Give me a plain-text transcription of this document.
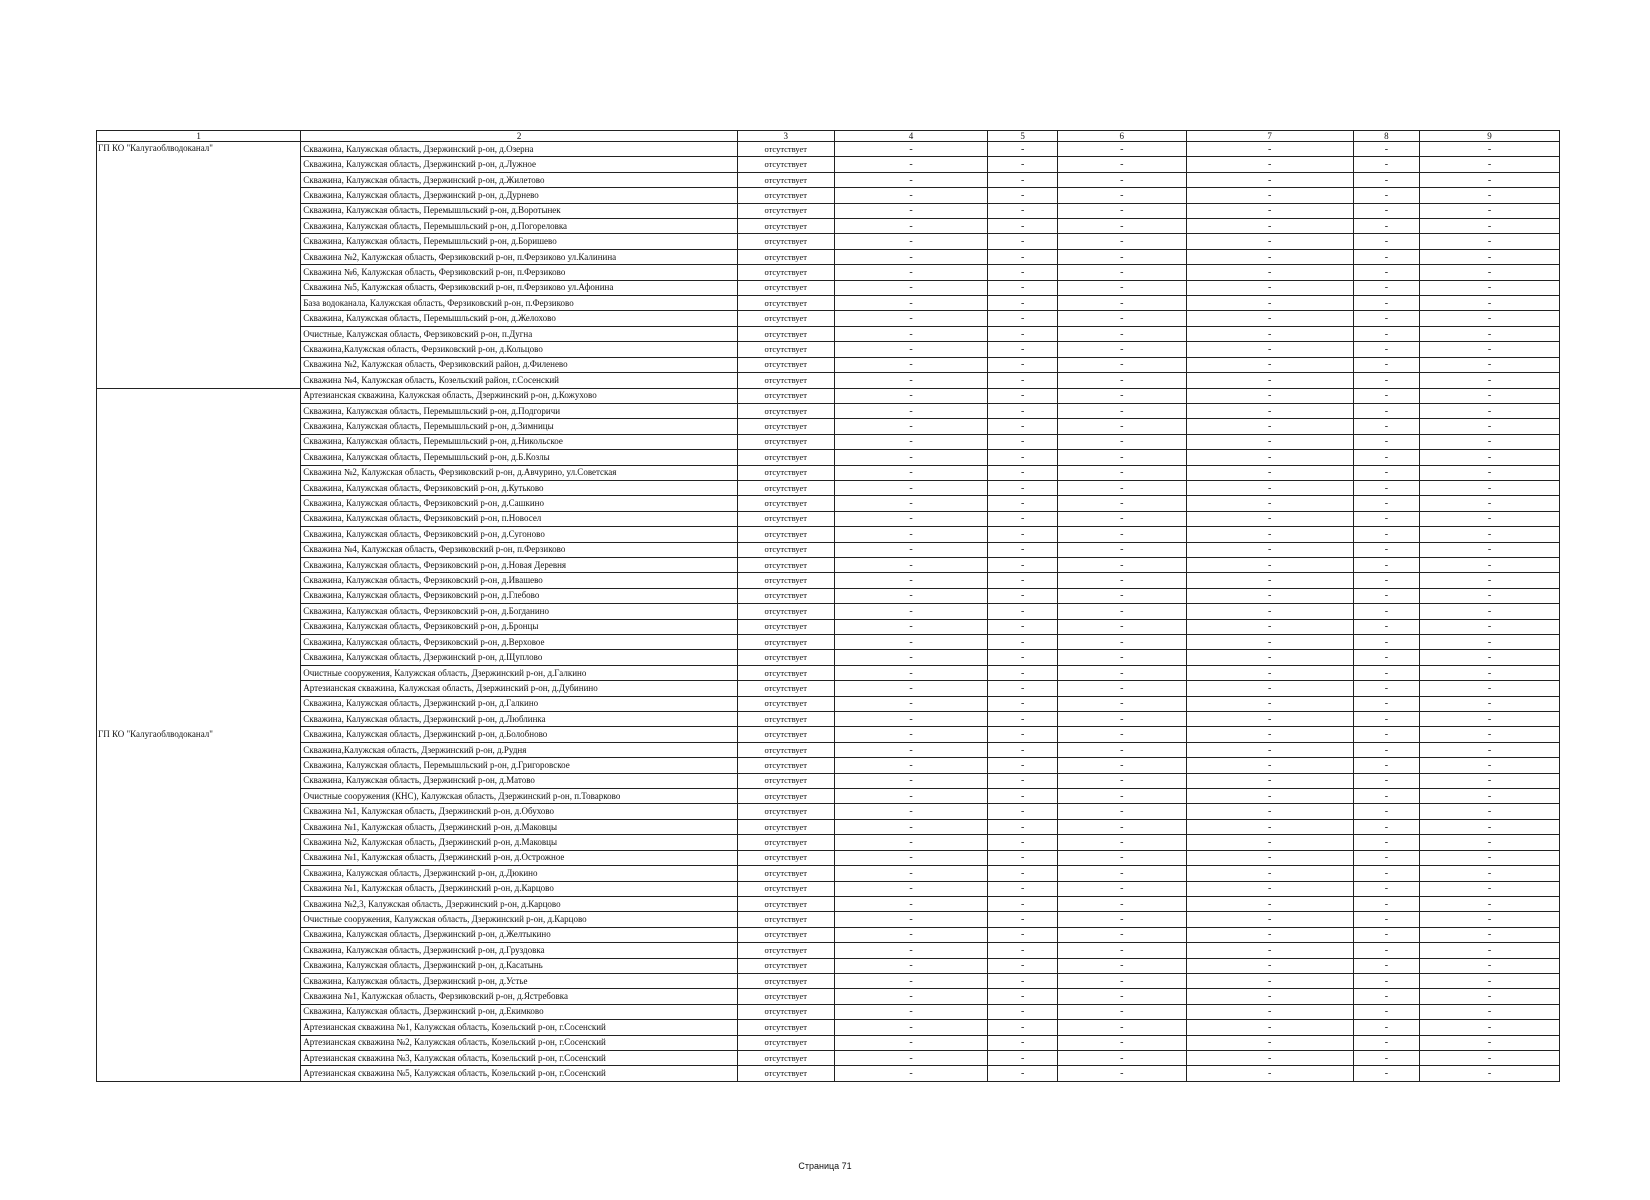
1	2	3	4	5	6	7	8	9
ГП КО "Калугаоблводоканал"	Скважина, Калужская область, Дзержинский р-он, д.Озерна	отсутствует	-	-	-	-	-	-
	Скважина, Калужская область, Дзержинский р-он, д.Лужное	отсутствует	-	-	-	-	-	-
	Скважина, Калужская область, Дзержинский р-он, д.Жилетово	отсутствует	-	-	-	-	-	-
	Скважина, Калужская область, Дзержинский р-он, д.Дурнево	отсутствует	-	-	-	-	-	-
	Скважина, Калужская область, Перемышльский р-он, д.Воротынек	отсутствует	-	-	-	-	-	-
	Скважина, Калужская область, Перемышльский р-он, д.Погореловка	отсутствует	-	-	-	-	-	-
	Скважина, Калужская область, Перемышльский р-он, д.Боришево	отсутствует	-	-	-	-	-	-
	Скважина №2, Калужская область, Ферзиковский р-он, п.Ферзиково ул.Калинина	отсутствует	-	-	-	-	-	-
	Скважина №6, Калужская область, Ферзиковский р-он, п.Ферзиково	отсутствует	-	-	-	-	-	-
	Скважина №5, Калужская область, Ферзиковский р-он, п.Ферзиково ул.Афонина	отсутствует	-	-	-	-	-	-
	База водоканала, Калужская область, Ферзиковский р-он, п.Ферзиково	отсутствует	-	-	-	-	-	-
	Скважина, Калужская область, Перемышльский р-он, д.Желохово	отсутствует	-	-	-	-	-	-
	Очистные, Калужская область, Ферзиковский р-он, п.Дугна	отсутствует	-	-	-	-	-	-
	Скважина,Калужская область, Ферзиковский р-он, д.Кольцово	отсутствует	-	-	-	-	-	-
	Скважина №2, Калужская область, Ферзиковский район, д.Филенево	отсутствует	-	-	-	-	-	-
	Скважина №4, Калужская область, Козельский район, г.Сосенский	отсутствует	-	-	-	-	-	-
ГП КО "Калугаоблводоканал"	Артезианская скважина, Калужская область, Дзержинский р-он, д.Кожухово	отсутствует	-	-	-	-	-	-
	Скважина, Калужская область, Перемышльский р-он, д.Подгоричи	отсутствует	-	-	-	-	-	-
	Скважина, Калужская область, Перемышльский р-он, д.Зимницы	отсутствует	-	-	-	-	-	-
	Скважина, Калужская область, Перемышльский р-он, д.Никольское	отсутствует	-	-	-	-	-	-
	Скважина, Калужская область, Перемышльский р-он, д.Б.Козлы	отсутствует	-	-	-	-	-	-
	Скважина №2, Калужская область, Ферзиковский р-он, д.Авчурино, ул.Советская	отсутствует	-	-	-	-	-	-
	Скважина, Калужская область, Ферзиковский р-он, д.Кутьково	отсутствует	-	-	-	-	-	-
	Скважина, Калужская область, Ферзиковский р-он, д.Сашкино	отсутствует	-	-	-	-	-	-
	Скважина, Калужская область, Ферзиковский р-он, п.Новосел	отсутствует	-	-	-	-	-	-
	Скважина, Калужская область, Ферзиковский р-он, д.Сугоново	отсутствует	-	-	-	-	-	-
	Скважина №4, Калужская область, Ферзиковский р-он, п.Ферзиково	отсутствует	-	-	-	-	-	-
	Скважина, Калужская область, Ферзиковский р-он, д.Новая Деревня	отсутствует	-	-	-	-	-	-
	Скважина, Калужская область, Ферзиковский р-он, д.Ивашево	отсутствует	-	-	-	-	-	-
	Скважина, Калужская область, Ферзиковский р-он, д.Глебово	отсутствует	-	-	-	-	-	-
	Скважина, Калужская область, Ферзиковский р-он, д.Богданино	отсутствует	-	-	-	-	-	-
	Скважина, Калужская область, Ферзиковский р-он, д.Бронцы	отсутствует	-	-	-	-	-	-
	Скважина, Калужская область, Ферзиковский р-он, д.Верховое	отсутствует	-	-	-	-	-	-
	Скважина, Калужская область, Дзержинский р-он, д.Щуплово	отсутствует	-	-	-	-	-	-
	Очистные сооружения, Калужская область, Дзержинский р-он, д.Галкино	отсутствует	-	-	-	-	-	-
	Артезианская скважина, Калужская область, Дзержинский р-он, д.Дубинино	отсутствует	-	-	-	-	-	-
	Скважина, Калужская область, Дзержинский р-он, д.Галкино	отсутствует	-	-	-	-	-	-
	Скважина, Калужская область, Дзержинский р-он, д.Люблинка	отсутствует	-	-	-	-	-	-
	Скважина, Калужская область, Дзержинский р-он, д.Болобново	отсутствует	-	-	-	-	-	-
	Скважина,Калужская область, Дзержинский р-он, д.Рудня	отсутствует	-	-	-	-	-	-
	Скважина, Калужская область, Перемышльский р-он, д.Григоровское	отсутствует	-	-	-	-	-	-
	Скважина, Калужская область, Дзержинский р-он, д.Матово	отсутствует	-	-	-	-	-	-
	Очистные сооружения (КНС), Калужская область, Дзержинский р-он, п.Товарково	отсутствует	-	-	-	-	-	-
	Скважина №1, Калужская область, Дзержинский р-он, д.Обухово	отсутствует	-	-	-	-	-	-
	Скважина №1, Калужская область, Дзержинский р-он, д.Маковцы	отсутствует	-	-	-	-	-	-
	Скважина №2, Калужская область, Дзержинский р-он, д.Маковцы	отсутствует	-	-	-	-	-	-
	Скважина №1, Калужская область, Дзержинский р-он, д.Острожное	отсутствует	-	-	-	-	-	-
	Скважина, Калужская область, Дзержинский р-он, д.Дюкино	отсутствует	-	-	-	-	-	-
	Скважина №1, Калужская область, Дзержинский р-он, д.Карцово	отсутствует	-	-	-	-	-	-
	Скважина №2,3, Калужская область, Дзержинский р-он, д.Карцово	отсутствует	-	-	-	-	-	-
	Очистные сооружения, Калужская область, Дзержинский р-он, д.Карцово	отсутствует	-	-	-	-	-	-
	Скважина, Калужская область, Дзержинский р-он, д.Желтыкино	отсутствует	-	-	-	-	-	-
	Скважина, Калужская область, Дзержинский р-он, д.Груздовка	отсутствует	-	-	-	-	-	-
	Скважина, Калужская область, Дзержинский р-он, д.Касатынь	отсутствует	-	-	-	-	-	-
	Скважина, Калужская область, Дзержинский р-он, д.Устье	отсутствует	-	-	-	-	-	-
	Скважина №1, Калужская область, Ферзиковский р-он, д.Ястребовка	отсутствует	-	-	-	-	-	-
	Скважина, Калужская область, Дзержинский р-он, д.Екимково	отсутствует	-	-	-	-	-	-
	Артезианская скважина №1, Калужская область, Козельский р-он, г.Сосенский	отсутствует	-	-	-	-	-	-
	Артезианская скважина №2, Калужская область, Козельский р-он, г.Сосенский	отсутствует	-	-	-	-	-	-
	Артезианская скважина №3, Калужская область, Козельский р-он, г.Сосенский	отсутствует	-	-	-	-	-	-
	Артезианская скважина №5, Калужская область, Козельский р-он, г.Сосенский	отсутствует	-	-	-	-	-	-
Страница 71
